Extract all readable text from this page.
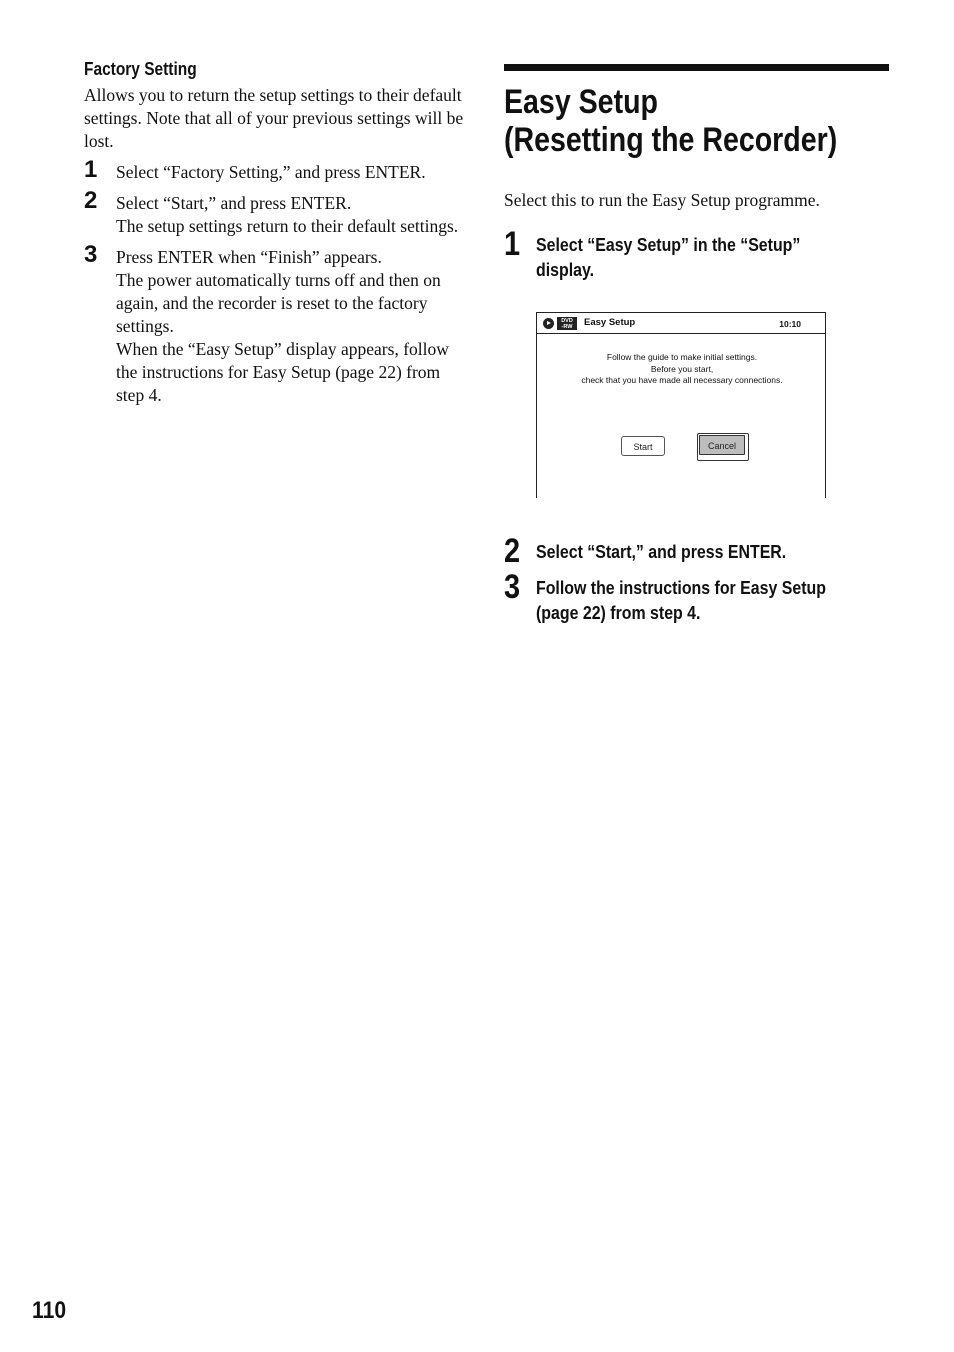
Factory Setting

Allows you to return the setup settings to their default settings. Note that all of your previous settings will be lost.

1 Select “Factory Setting,” and press ENTER.
2 Select “Start,” and press ENTER.
The setup settings return to their default settings.
3 Press ENTER when “Finish” appears.
The power automatically turns off and then on again, and the recorder is reset to the factory settings.
When the “Easy Setup” display appears, follow the instructions for Easy Setup (page 22) from step 4.
Easy Setup
(Resetting the Recorder)

Select this to run the Easy Setup programme.

1 Select “Easy Setup” in the “Setup” display.
2 Select “Start,” and press ENTER.
3 Follow the instructions for Easy Setup (page 22) from step 4.
DVD
-RW	Easy Setup	10:10
Follow the guide to make initial settings.
Before you start,
check that you have made all necessary connections.
Start	Cancel
110
